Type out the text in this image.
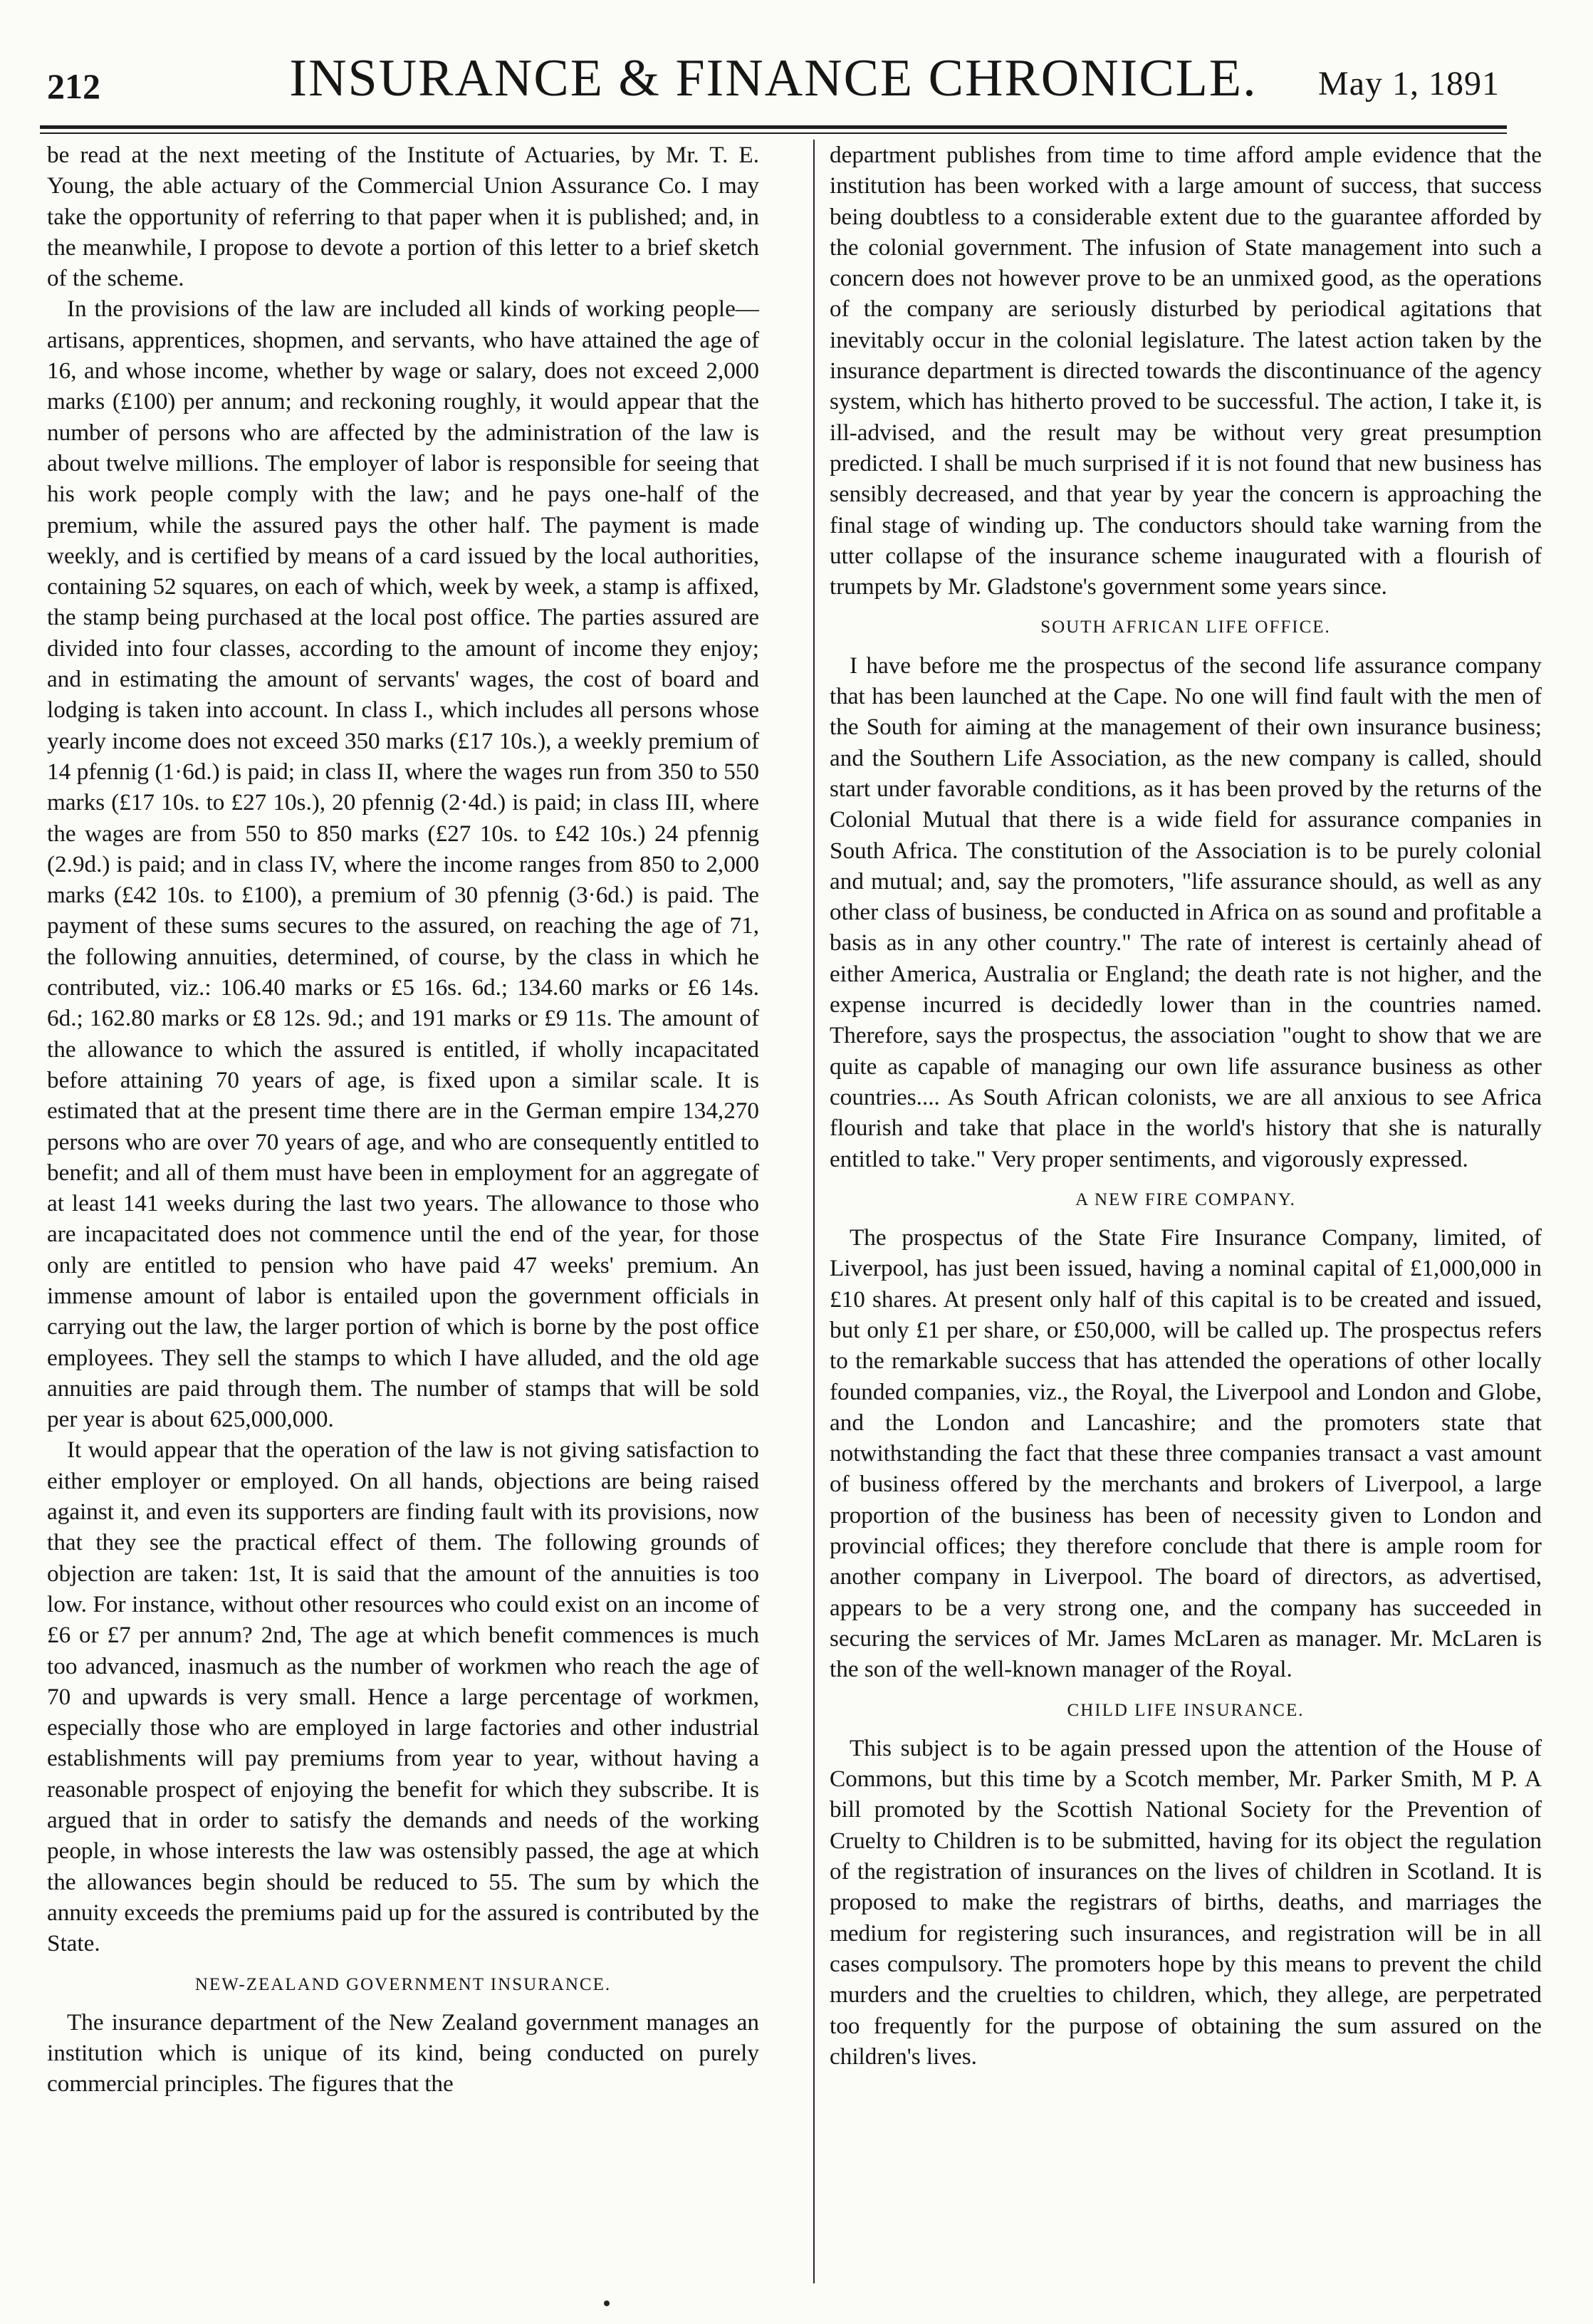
212	INSURANCE & FINANCE CHRONICLE.	May 1, 1891

be read at the next meeting of the Institute of Actuaries, by Mr. T. E. Young, the able actuary of the Commercial Union Assurance Co. I may take the opportunity of referring to that paper when it is published; and, in the meanwhile, I propose to devote a portion of this letter to a brief sketch of the scheme.

In the provisions of the law are included all kinds of working people—artisans, apprentices, shopmen, and servants, who have attained the age of 16, and whose income, whether by wage or salary, does not exceed 2,000 marks (£100) per annum; and reckoning roughly, it would appear that the number of persons who are affected by the administration of the law is about twelve millions. The employer of labor is responsible for seeing that his work people comply with the law; and he pays one-half of the premium, while the assured pays the other half. The payment is made weekly, and is certified by means of a card issued by the local authorities, containing 52 squares, on each of which, week by week, a stamp is affixed, the stamp being purchased at the local post office. The parties assured are divided into four classes, according to the amount of income they enjoy; and in estimating the amount of servants' wages, the cost of board and lodging is taken into account. In class I., which includes all persons whose yearly income does not exceed 350 marks (£17 10s.), a weekly premium of 14 pfennig (1·6d.) is paid; in class II, where the wages run from 350 to 550 marks (£17 10s. to £27 10s.), 20 pfennig (2·4d.) is paid; in class III, where the wages are from 550 to 850 marks (£27 10s. to £42 10s.) 24 pfennig (2.9d.) is paid; and in class IV, where the income ranges from 850 to 2,000 marks (£42 10s. to £100), a premium of 30 pfennig (3·6d.) is paid. The payment of these sums secures to the assured, on reaching the age of 71, the following annuities, determined, of course, by the class in which he contributed, viz.: 106.40 marks or £5 16s. 6d.; 134.60 marks or £6 14s. 6d.; 162.80 marks or £8 12s. 9d.; and 191 marks or £9 11s. The amount of the allowance to which the assured is entitled, if wholly incapacitated before attaining 70 years of age, is fixed upon a similar scale. It is estimated that at the present time there are in the German empire 134,270 persons who are over 70 years of age, and who are consequently entitled to benefit; and all of them must have been in employment for an aggregate of at least 141 weeks during the last two years. The allowance to those who are incapacitated does not commence until the end of the year, for those only are entitled to pension who have paid 47 weeks' premium. An immense amount of labor is entailed upon the government officials in carrying out the law, the larger portion of which is borne by the post office employees. They sell the stamps to which I have alluded, and the old age annuities are paid through them. The number of stamps that will be sold per year is about 625,000,000.

It would appear that the operation of the law is not giving satisfaction to either employer or employed. On all hands, objections are being raised against it, and even its supporters are finding fault with its provisions, now that they see the practical effect of them. The following grounds of objection are taken: 1st, It is said that the amount of the annuities is too low. For instance, without other resources who could exist on an income of £6 or £7 per annum? 2nd, The age at which benefit commences is much too advanced, inasmuch as the number of workmen who reach the age of 70 and upwards is very small. Hence a large percentage of workmen, especially those who are employed in large factories and other industrial establishments will pay premiums from year to year, without having a reasonable prospect of enjoying the benefit for which they subscribe. It is argued that in order to satisfy the demands and needs of the working people, in whose interests the law was ostensibly passed, the age at which the allowances begin should be reduced to 55. The sum by which the annuity exceeds the premiums paid up for the assured is contributed by the State.

NEW-ZEALAND GOVERNMENT INSURANCE.

The insurance department of the New Zealand government manages an institution which is unique of its kind, being conducted on purely commercial principles. The figures that the

department publishes from time to time afford ample evidence that the institution has been worked with a large amount of success, that success being doubtless to a considerable extent due to the guarantee afforded by the colonial government. The infusion of State management into such a concern does not however prove to be an unmixed good, as the operations of the company are seriously disturbed by periodical agitations that inevitably occur in the colonial legislature. The latest action taken by the insurance department is directed towards the discontinuance of the agency system, which has hitherto proved to be successful. The action, I take it, is ill-advised, and the result may be without very great presumption predicted. I shall be much surprised if it is not found that new business has sensibly decreased, and that year by year the concern is approaching the final stage of winding up. The conductors should take warning from the utter collapse of the insurance scheme inaugurated with a flourish of trumpets by Mr. Gladstone's government some years since.

SOUTH AFRICAN LIFE OFFICE.

I have before me the prospectus of the second life assurance company that has been launched at the Cape. No one will find fault with the men of the South for aiming at the management of their own insurance business; and the Southern Life Association, as the new company is called, should start under favorable conditions, as it has been proved by the returns of the Colonial Mutual that there is a wide field for assurance companies in South Africa. The constitution of the Association is to be purely colonial and mutual; and, say the promoters, "life assurance should, as well as any other class of business, be conducted in Africa on as sound and profitable a basis as in any other country." The rate of interest is certainly ahead of either America, Australia or England; the death rate is not higher, and the expense incurred is decidedly lower than in the countries named. Therefore, says the prospectus, the association "ought to show that we are quite as capable of managing our own life assurance business as other countries.... As South African colonists, we are all anxious to see Africa flourish and take that place in the world's history that she is naturally entitled to take." Very proper sentiments, and vigorously expressed.

A NEW FIRE COMPANY.

The prospectus of the State Fire Insurance Company, limited, of Liverpool, has just been issued, having a nominal capital of £1,000,000 in £10 shares. At present only half of this capital is to be created and issued, but only £1 per share, or £50,000, will be called up. The prospectus refers to the remarkable success that has attended the operations of other locally founded companies, viz., the Royal, the Liverpool and London and Globe, and the London and Lancashire; and the promoters state that notwithstanding the fact that these three companies transact a vast amount of business offered by the merchants and brokers of Liverpool, a large proportion of the business has been of necessity given to London and provincial offices; they therefore conclude that there is ample room for another company in Liverpool. The board of directors, as advertised, appears to be a very strong one, and the company has succeeded in securing the services of Mr. James McLaren as manager. Mr. McLaren is the son of the well-known manager of the Royal.

CHILD LIFE INSURANCE.

This subject is to be again pressed upon the attention of the House of Commons, but this time by a Scotch member, Mr. Parker Smith, M P. A bill promoted by the Scottish National Society for the Prevention of Cruelty to Children is to be submitted, having for its object the regulation of the registration of insurances on the lives of children in Scotland. It is proposed to make the registrars of births, deaths, and marriages the medium for registering such insurances, and registration will be in all cases compulsory. The promoters hope by this means to prevent the child murders and the cruelties to children, which, they allege, are perpetrated too frequently for the purpose of obtaining the sum assured on the children's lives.
